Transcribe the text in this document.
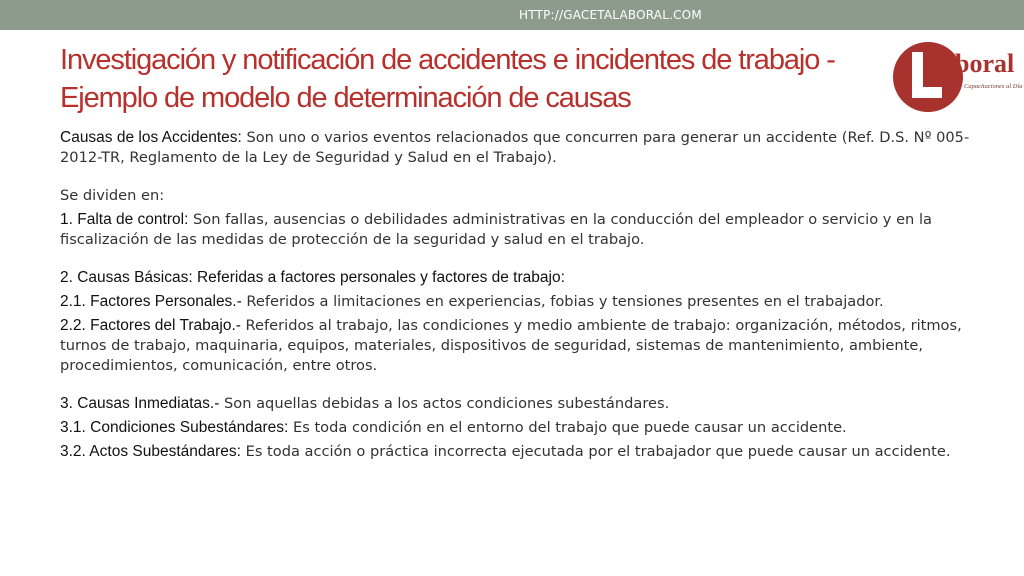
HTTP://GACETALABORAL.COM
Investigación y notificación de accidentes e incidentes de trabajo -
Ejemplo de modelo de determinación de causas
aboral
Capacitaciones al Día

Causas de los Accidentes: Son uno o varios eventos relacionados que concurren para generar un accidente (Ref. D.S. Nº 005-2012-TR, Reglamento de la Ley de Seguridad y Salud en el Trabajo).

Se dividen en:

1. Falta de control: Son fallas, ausencias o debilidades administrativas en la conducción del empleador o servicio y en la fiscalización de las medidas de protección de la seguridad y salud en el trabajo.

2. Causas Básicas: Referidas a factores personales y factores de trabajo:

2.1. Factores Personales.- Referidos a limitaciones en experiencias, fobias y tensiones presentes en el trabajador.

2.2. Factores del Trabajo.- Referidos al trabajo, las condiciones y medio ambiente de trabajo: organización, métodos, ritmos, turnos de trabajo, maquinaria, equipos, materiales, dispositivos de seguridad, sistemas de mantenimiento, ambiente, procedimientos, comunicación, entre otros.

3. Causas Inmediatas.- Son aquellas debidas a los actos condiciones subestándares.

3.1. Condiciones Subestándares: Es toda condición en el entorno del trabajo que puede causar un accidente.

3.2. Actos Subestándares: Es toda acción o práctica incorrecta ejecutada por el trabajador que puede causar un accidente.
